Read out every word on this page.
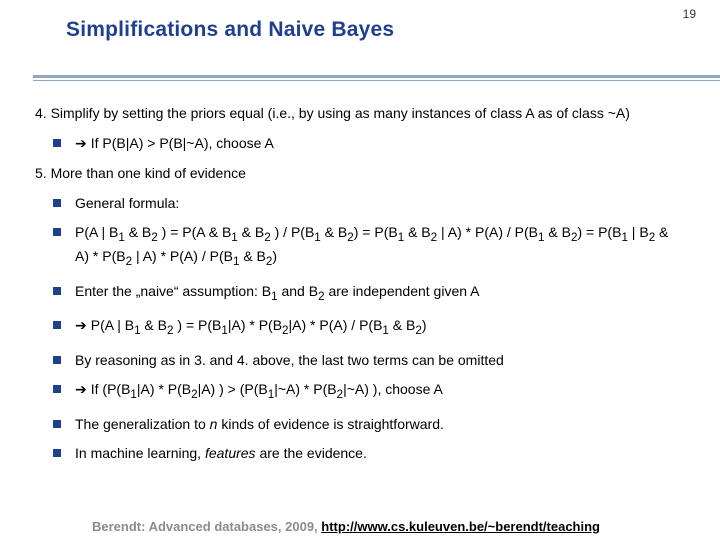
Simplifications and Naive Bayes
19

4. Simplify by setting the priors equal (i.e., by using as many instances of class A as of class ~A)

➔ If P(B|A) > P(B|~A), choose A

5. More than one kind of evidence

General formula:
P(A | $B_1$ & $B_2$ ) = P(A & $B_1$ & $B_2$ ) / $P(B_1$ & $B_2) = P(B_1$ & $B_2$ | $A) * P(A) / P(B_1$ & $B_2) = P(B_1$ | $B_2$ & $A) * P(B_2$ | $A) * P(A) / P(B_1$ & $B_2$)
Enter the „naive“ assumption: $B_1$ and $B_2$ are independent given A
➔ P(A | $B_1$ & $B_2$ ) = $P(B_1|A) * P(B_2|A) * P(A) / P(B_1$ & $B_2$)
By reasoning as in 3. and 4. above, the last two terms can be omitted
➔ If ($P(B_1|A) * P(B_2|A)$ ) > ($P(B_1|\sim A)$ * $P(B_2|\sim A)$ ), choose A
The generalization to n kinds of evidence is straightforward.
In machine learning, features are the evidence.
Berendt: Advanced databases, 2009, http://www.cs.kuleuven.be/~berendt/teaching
